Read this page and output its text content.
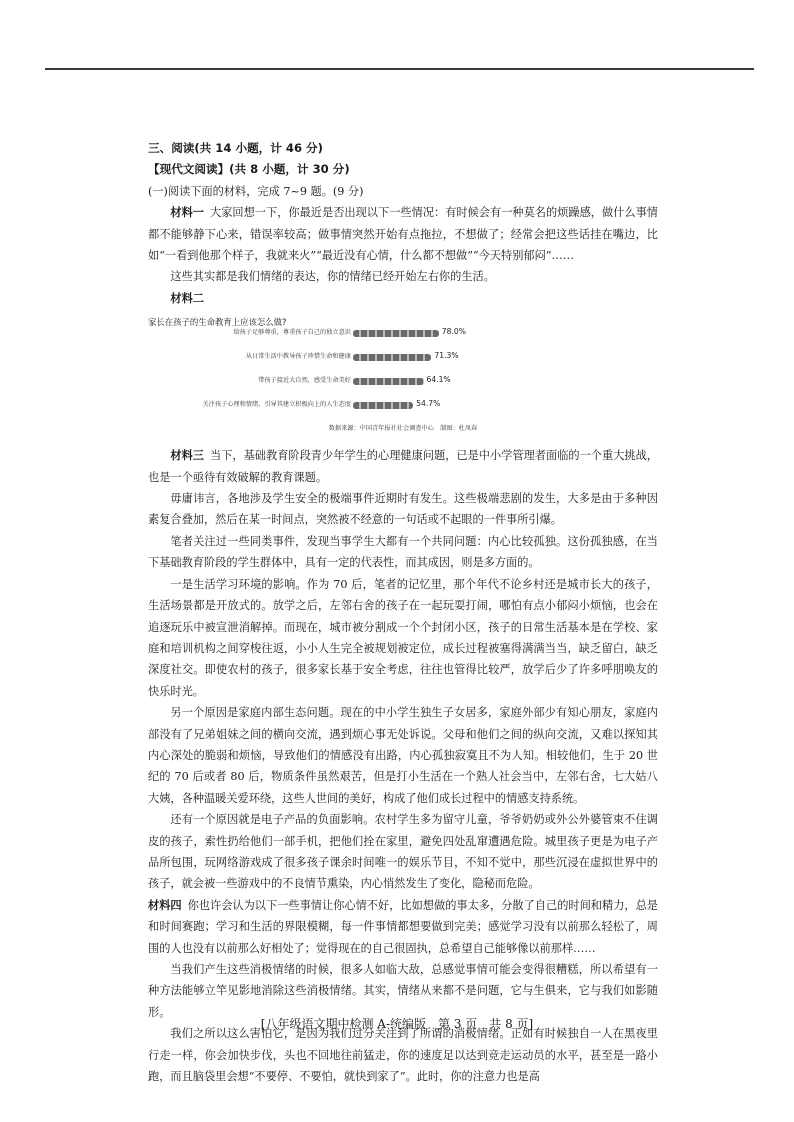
三、阅读(共 14 小题，计 46 分)

【现代文阅读】(共 8 小题，计 30 分)

(一)阅读下面的材料，完成 7~9 题。(9 分)

材料一 大家回想一下，你最近是否出现以下一些情况：有时候会有一种莫名的烦躁感，做什么事情都不能够静下心来，错误率较高；做事情突然开始有点拖拉，不想做了；经常会把这些话挂在嘴边，比如“一看到他那个样子，我就来火”“最近没有心情，什么都不想做”“今天特别郁闷”……

这些其实都是我们情绪的表达，你的情绪已经开始左右你的生活。

材料二

家长在孩子的生命教育上应该怎么做?

给孩子足够尊重，尊重孩子自己的独立意识	78.0%
从日常生活中教导孩子珍惜生命和健康	71.3%
带孩子接近大自然，感受生命美好	64.1%
关注孩子心理和情绪，引导其建立积极向上的人生态度	54.7%
数据来源：中国青年报社社会调查中心　制图：杜凤春

材料三 当下，基础教育阶段青少年学生的心理健康问题，已是中小学管理者面临的一个重大挑战，也是一个亟待有效破解的教育课题。

毋庸讳言，各地涉及学生安全的极端事件近期时有发生。这些极端悲剧的发生，大多是由于多种因素复合叠加，然后在某一时间点，突然被不经意的一句话或不起眼的一件事所引爆。

笔者关注过一些同类事件，发现当事学生大都有一个共同问题：内心比较孤独。这份孤独感，在当下基础教育阶段的学生群体中，具有一定的代表性，而其成因，则是多方面的。

一是生活学习环境的影响。作为 70 后，笔者的记忆里，那个年代不论乡村还是城市长大的孩子，生活场景都是开放式的。放学之后，左邻右舍的孩子在一起玩耍打闹，哪怕有点小郁闷小烦恼，也会在追逐玩乐中被宣泄消解掉。而现在，城市被分割成一个个封闭小区，孩子的日常生活基本是在学校、家庭和培训机构之间穿梭往返，小小人生完全被规划被定位，成长过程被塞得满满当当，缺乏留白，缺乏深度社交。即使农村的孩子，很多家长基于安全考虑，往往也管得比较严，放学后少了许多呼朋唤友的快乐时光。

另一个原因是家庭内部生态问题。现在的中小学生独生子女居多，家庭外部少有知心朋友，家庭内部没有了兄弟姐妹之间的横向交流，遇到烦心事无处诉说。父母和他们之间的纵向交流，又难以探知其内心深处的脆弱和烦恼，导致他们的情感没有出路，内心孤独寂寞且不为人知。相较他们，生于 20 世纪的 70 后或者 80 后，物质条件虽然艰苦，但是打小生活在一个熟人社会当中，左邻右舍，七大姑八大姨，各种温暖关爱环绕，这些人世间的美好，构成了他们成长过程中的情感支持系统。

还有一个原因就是电子产品的负面影响。农村学生多为留守儿童，爷爷奶奶或外公外婆管束不住调皮的孩子，索性扔给他们一部手机，把他们拴在家里，避免四处乱窜遭遇危险。城里孩子更是为电子产品所包围，玩网络游戏成了很多孩子课余时间唯一的娱乐节目，不知不觉中，那些沉浸在虚拟世界中的孩子，就会被一些游戏中的不良情节熏染，内心悄然发生了变化，隐秘而危险。

材料四 你也许会认为以下一些事情让你心情不好，比如想做的事太多，分散了自己的时间和精力，总是和时间赛跑；学习和生活的界限模糊，每一件事情都想要做到完美；感觉学习没有以前那么轻松了，周围的人也没有以前那么好相处了；觉得现在的自己很固执，总希望自己能够像以前那样……

当我们产生这些消极情绪的时候，很多人如临大敌，总感觉事情可能会变得很糟糕，所以希望有一种方法能够立竿见影地消除这些消极情绪。其实，情绪从来都不是问题，它与生俱来，它与我们如影随形。

我们之所以这么害怕它，是因为我们过分关注到了所谓的消极情绪。正如有时候独自一人在黑夜里行走一样，你会加快步伐，头也不回地往前猛走，你的速度足以达到竞走运动员的水平，甚至是一路小跑，而且脑袋里会想“不要停、不要怕，就快到家了”。此时，你的注意力也是高

[八年级语文期中检测 A-统编版　第 3 页　共 8 页]
